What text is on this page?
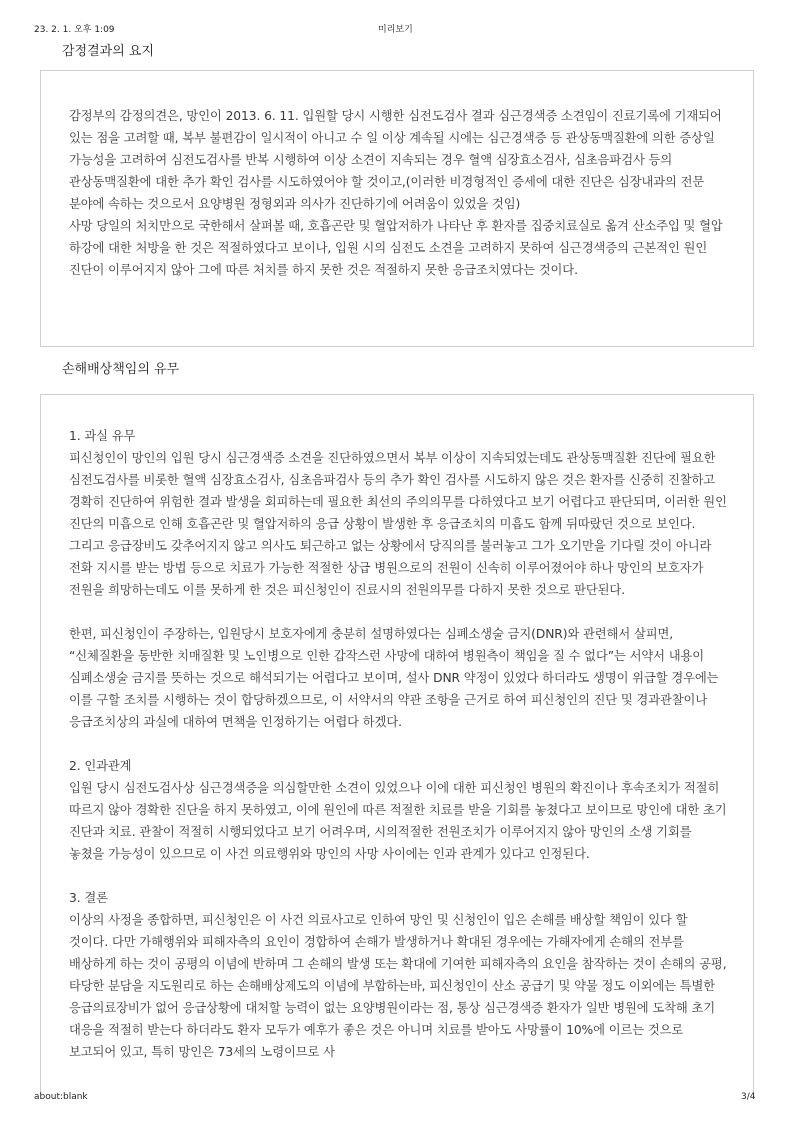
23. 2. 1. 오후 1:09	미리보기
감정결과의 요지

감정부의 감정의견은, 망인이 2013. 6. 11. 입원할 당시 시행한 심전도검사 결과 심근경색증 소견임이 진료기록에 기재되어 있는 점을 고려할 때, 복부 불편감이 일시적이 아니고 수 일 이상 계속될 시에는 심근경색증 등 관상동맥질환에 의한 증상일 가능성을 고려하여 심전도검사를 반복 시행하여 이상 소견이 지속되는 경우 혈액 심장효소검사, 심초음파검사 등의 관상동맥질환에 대한 추가 확인 검사를 시도하였어야 할 것이고,(이러한 비경형적인 증세에 대한 진단은 심장내과의 전문 분야에 속하는 것으로서 요양병원 정형외과 의사가 진단하기에 어려움이 있었을 것임)

사망 당일의 처치만으로 국한해서 살펴볼 때, 호흡곤란 및 혈압저하가 나타난 후 환자를 집중치료실로 옮겨 산소주입 및 혈압 하강에 대한 처방을 한 것은 적절하였다고 보이나, 입원 시의 심전도 소견을 고려하지 못하여 심근경색증의 근본적인 원인 진단이 이루어지지 않아 그에 따른 처치를 하지 못한 것은 적절하지 못한 응급조치였다는 것이다.

손해배상책임의 유무

1. 과실 유무

피신청인이 망인의 입원 당시 심근경색증 소견을 진단하였으면서 복부 이상이 지속되었는데도 관상동맥질환 진단에 필요한 심전도검사를 비롯한 혈액 심장효소검사, 심초음파검사 등의 추가 확인 검사를 시도하지 않은 것은 환자를 신중히 진찰하고 경확히 진단하여 위험한 결과 발생을 회피하는데 필요한 최선의 주의의무를 다하였다고 보기 어렵다고 판단되며, 이러한 원인 진단의 미흡으로 인해 호흡곤란 및 혈압저하의 응급 상황이 발생한 후 응급조치의 미흡도 함께 뒤따랐던 것으로 보인다. 그리고 응급장비도 갖추어지지 않고 의사도 퇴근하고 없는 상황에서 당직의를 불러놓고 그가 오기만을 기다릴 것이 아니라 전화 지시를 받는 방법 등으로 치료가 가능한 적절한 상급 병원으로의 전원이 신속히 이루어졌어야 하나 망인의 보호자가 전원을 희망하는데도 이를 못하게 한 것은 피신청인이 진료시의 전원의무를 다하지 못한 것으로 판단된다.

한편, 피신청인이 주장하는, 입원당시 보호자에게 충분히 설명하였다는 심폐소생술 금지(DNR)와 관련해서 살피면, “신체질환을 동반한 치매질환 및 노인병으로 인한 갑작스런 사망에 대하여 병원측이 책임을 질 수 없다”는 서약서 내용이 심폐소생술 금지를 뜻하는 것으로 해석되기는 어렵다고 보이며, 설사 DNR 약정이 있었다 하더라도 생명이 위급할 경우에는 이를 구할 조치를 시행하는 것이 합당하겠으므로, 이 서약서의 약관 조항을 근거로 하여 피신청인의 진단 및 경과관찰이나 응급조치상의 과실에 대하여 면책을 인정하기는 어렵다 하겠다.

2. 인과관계

입원 당시 심전도검사상 심근경색증을 의심할만한 소견이 있었으나 이에 대한 피신청인 병원의 확진이나 후속조치가 적절히 따르지 않아 경확한 진단을 하지 못하였고, 이에 원인에 따른 적절한 치료를 받을 기회를 놓쳤다고 보이므로 망인에 대한 초기 진단과 치료. 관찰이 적절히 시행되었다고 보기 어려우며, 시의적절한 전원조치가 이루어지지 않아 망인의 소생 기회를 놓쳤을 가능성이 있으므로 이 사건 의료행위와 망인의 사망 사이에는 인과 관계가 있다고 인정된다.

3. 결론

이상의 사정을 종합하면, 피신청인은 이 사건 의료사고로 인하여 망인 및 신청인이 입은 손해를 배상할 책임이 있다 할 것이다. 다만 가해행위와 피해자측의 요인이 경합하여 손해가 발생하거나 확대된 경우에는 가해자에게 손해의 전부를 배상하게 하는 것이 공평의 이념에 반하며 그 손해의 발생 또는 확대에 기여한 피해자측의 요인을 참작하는 것이 손해의 공평, 타당한 분담을 지도원리로 하는 손해배상제도의 이념에 부합하는바, 피신청인이 산소 공급기 및 약물 정도 이외에는 특별한 응급의료장비가 없어 응급상황에 대처할 능력이 없는 요양병원이라는 점, 통상 심근경색증 환자가 일반 병원에 도착해 초기 대응을 적절히 받는다 하더라도 환자 모두가 예후가 좋은 것은 아니며 치료를 받아도 사망률이 10%에 이르는 것으로 보고되어 있고, 특히 망인은 73세의 노령이므로 사

about:blank	3/4
